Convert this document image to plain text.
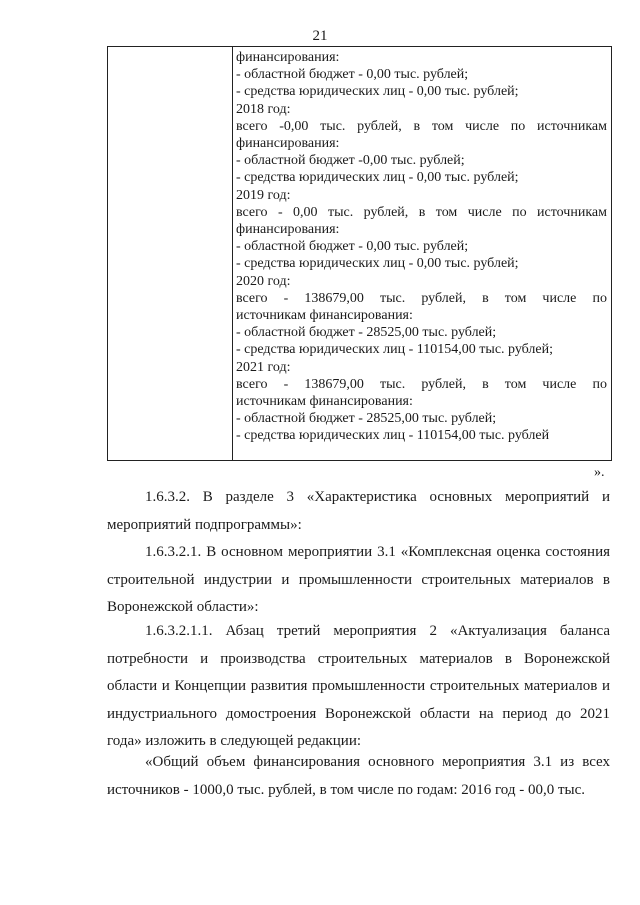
21
финансирования:
- областной бюджет - 0,00 тыс. рублей;
- средства юридических лиц - 0,00 тыс. рублей;
2018 год:
всего -0,00 тыс. рублей, в том числе по источникам
финансирования:
- областной бюджет -0,00 тыс. рублей;
- средства юридических лиц - 0,00 тыс. рублей;
2019 год:
всего - 0,00 тыс. рублей, в том числе по источникам
финансирования:
- областной бюджет - 0,00 тыс. рублей;
- средства юридических лиц - 0,00 тыс. рублей;
2020 год:
всего - 138679,00 тыс. рублей, в том числе по
источникам финансирования:
- областной бюджет - 28525,00 тыс. рублей;
- средства юридических лиц - 110154,00 тыс. рублей;
2021 год:
всего - 138679,00 тыс. рублей, в том числе по
источникам финансирования:
- областной бюджет - 28525,00 тыс. рублей;
- средства юридических лиц - 110154,00 тыс. рублей
».

1.6.3.2. В разделе 3 «Характеристика основных мероприятий и мероприятий подпрограммы»:

1.6.3.2.1. В основном мероприятии 3.1 «Комплексная оценка состояния строительной индустрии и промышленности строительных материалов в Воронежской области»:

1.6.3.2.1.1. Абзац третий мероприятия 2 «Актуализация баланса потребности и производства строительных материалов в Воронежской области и Концепции развития промышленности строительных материалов и индустриального домостроения Воронежской области на период до 2021 года» изложить в следующей редакции:

«Общий объем финансирования основного мероприятия 3.1 из всех источников - 1000,0 тыс. рублей, в том числе по годам: 2016 год - 00,0 тыс.
